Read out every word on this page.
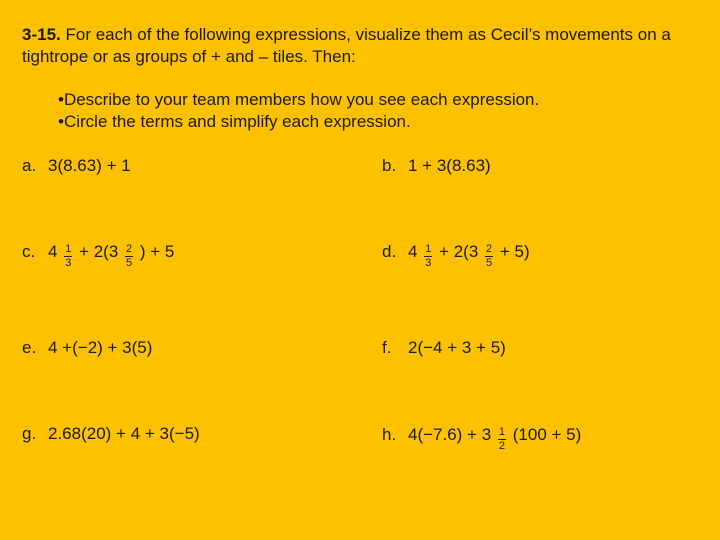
3-15. For each of the following expressions, visualize them as Cecil’s movements on a tightrope or as groups of + and – tiles. Then:
•Describe to your team members how you see each expression.
•Circle the terms and simplify each expression.
a. 3(8.63) + 1	b. 1 + 3(8.63)
c. $4 \frac{1}{3} + 2(3 \frac{2}{5}$ ) + 5	d. $4 \frac{1}{3} + 2(3 \frac{2}{5} + 5)$
e. 4 +(−2) + 3(5)	f. 2(−4 + 3 + 5)
g. 2.68(20) + 4 + 3(−5)	h. $4(-7.6) + 3 \frac{1}{2} (100 + 5)$
